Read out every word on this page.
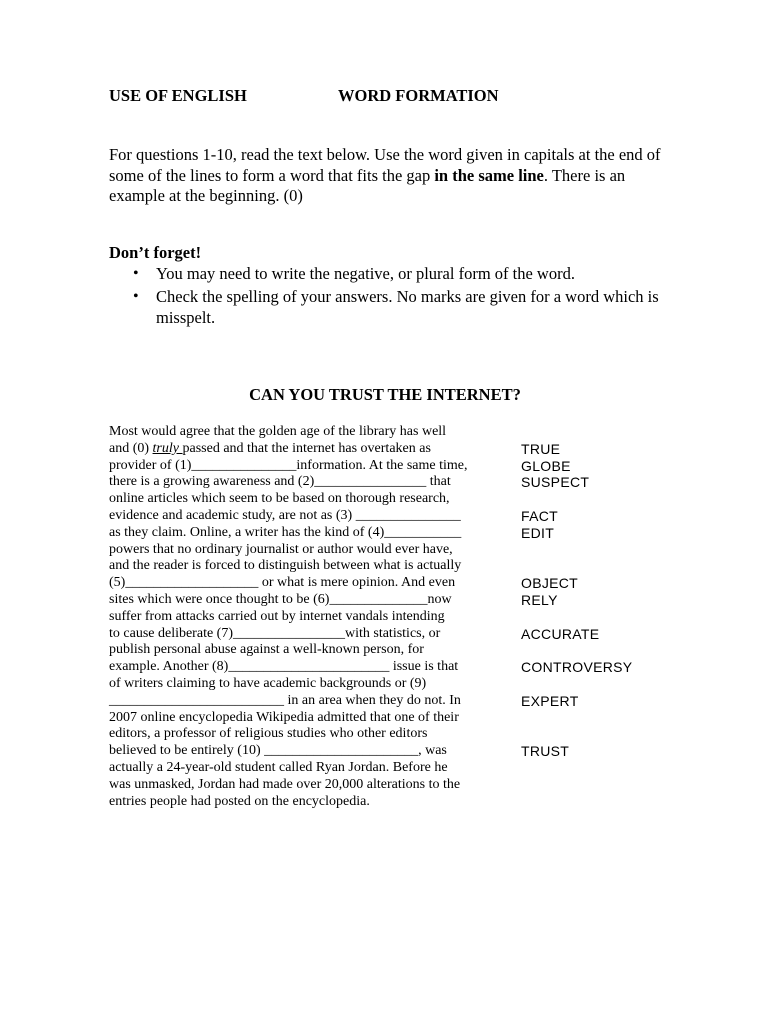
USE OF ENGLISH	WORD FORMATION
For questions 1-10, read the text below. Use the word given in capitals at the end of some of the lines to form a word that fits the gap in the same line. There is an example at the beginning. (0)
Don’t forget!
• You may need to write the negative, or plural form of the word.
• Check the spelling of your answers. No marks are given for a word which is misspelt.
CAN YOU TRUST THE INTERNET?
Most would agree that the golden age of the library has well
and (0) truly passed and that the internet has overtaken as	TRUE
provider of (1)_______________information. At the same time,	GLOBE
there is a growing awareness and (2)________________ that	SUSPECT
online articles which seem to be based on thorough research,
evidence and academic study, are not as (3) _______________	FACT
as they claim. Online, a writer has the kind of (4)___________	EDIT
powers that no ordinary journalist or author would ever have,
and the reader is forced to distinguish between what is actually
(5)___________________ or what is mere opinion. And even	OBJECT
sites which were once thought to be (6)______________now	RELY
suffer from attacks carried out by internet vandals intending
to cause deliberate (7)________________with statistics, or	ACCURATE
publish personal abuse against a well-known person, for
example. Another (8)_______________________ issue is that	CONTROVERSY
of writers claiming to have academic backgrounds or (9)
_________________________ in an area when they do not. In	EXPERT
2007 online encyclopedia Wikipedia admitted that one of their
editors, a professor of religious studies who other editors
believed to be entirely (10) ______________________, was	TRUST
actually a 24-year-old student called Ryan Jordan. Before he
was unmasked, Jordan had made over 20,000 alterations to the
entries people had posted on the encyclopedia.
